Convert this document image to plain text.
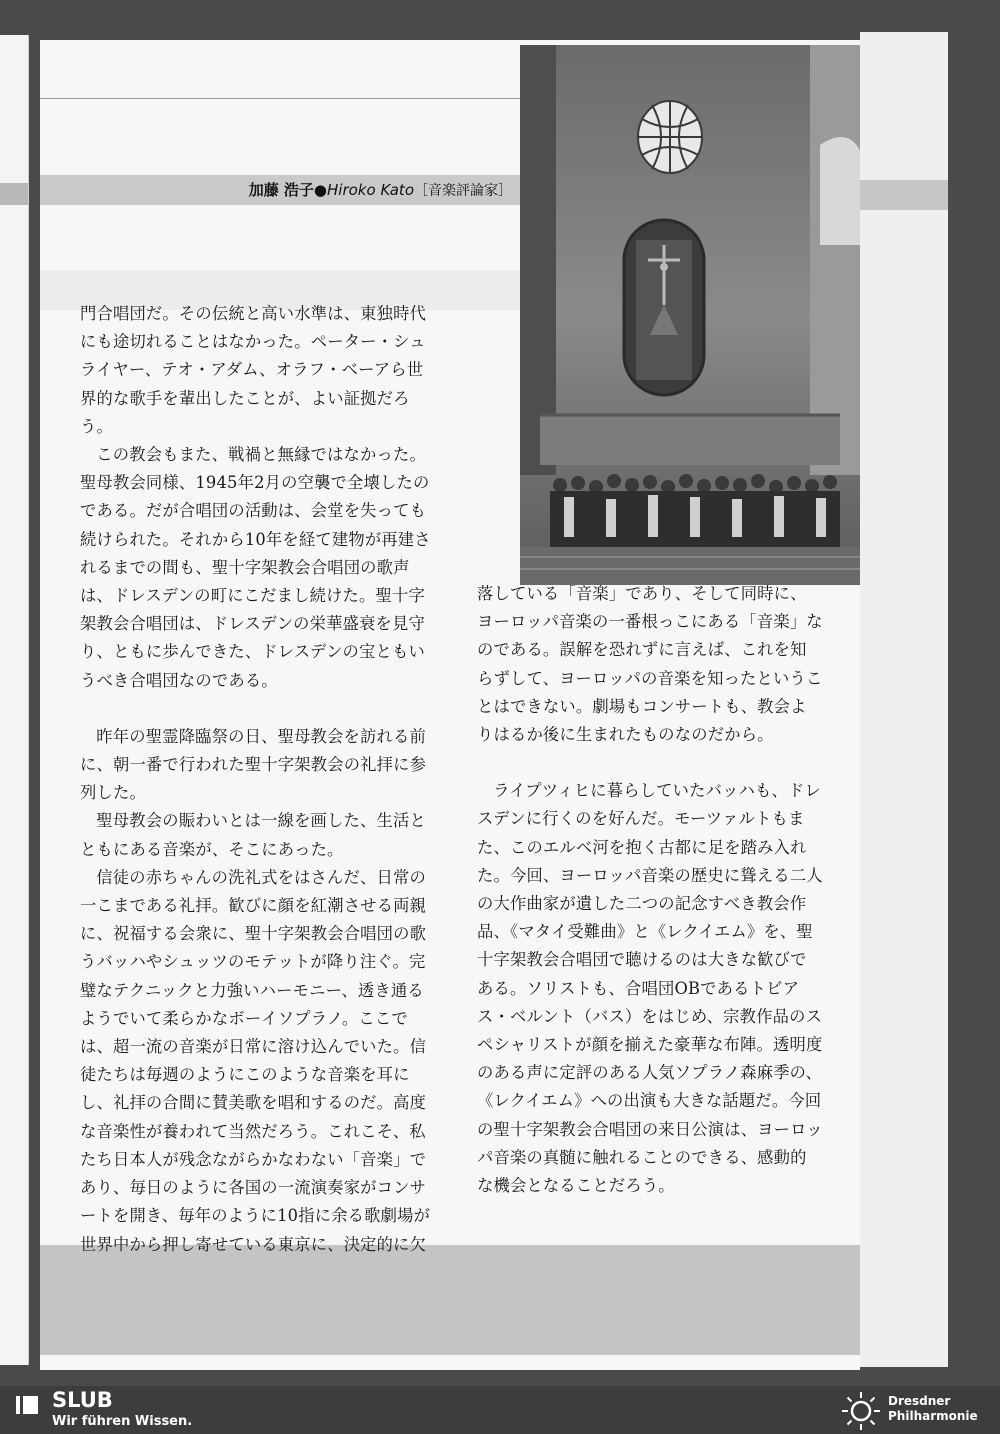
加藤 浩子●Hiroko Kato［音楽評論家］

門合唱団だ。その伝統と高い水準は、東独時代にも途切れることはなかった。ペーター・シュライヤー、テオ・アダム、オラフ・ベーアら世界的な歌手を輩出したことが、よい証拠だろう。

この教会もまた、戦禍と無縁ではなかった。聖母教会同様、1945年2月の空襲で全壊したのである。だが合唱団の活動は、会堂を失っても続けられた。それから10年を経て建物が再建されるまでの間も、聖十字架教会合唱団の歌声は、ドレスデンの町にこだまし続けた。聖十字架教会合唱団は、ドレスデンの栄華盛衰を見守り、ともに歩んできた、ドレスデンの宝ともいうべき合唱団なのである。

昨年の聖霊降臨祭の日、聖母教会を訪れる前に、朝一番で行われた聖十字架教会の礼拝に参列した。

聖母教会の賑わいとは一線を画した、生活とともにある音楽が、そこにあった。

信徒の赤ちゃんの洗礼式をはさんだ、日常の一こまである礼拝。歓びに顔を紅潮させる両親に、祝福する会衆に、聖十字架教会合唱団の歌うバッハやシュッツのモテットが降り注ぐ。完璧なテクニックと力強いハーモニー、透き通るようでいて柔らかなボーイソプラノ。ここでは、超一流の音楽が日常に溶け込んでいた。信徒たちは毎週のようにこのような音楽を耳にし、礼拝の合間に賛美歌を唱和するのだ。高度な音楽性が養われて当然だろう。これこそ、私たち日本人が残念ながらかなわない「音楽」であり、毎日のように各国の一流演奏家がコンサートを開き、毎年のように10指に余る歌劇場が世界中から押し寄せている東京に、決定的に欠

落している「音楽」であり、そして同時に、ヨーロッパ音楽の一番根っこにある「音楽」なのである。誤解を恐れずに言えば、これを知らずして、ヨーロッパの音楽を知ったということはできない。劇場もコンサートも、教会よりはるか後に生まれたものなのだから。

ライプツィヒに暮らしていたバッハも、ドレスデンに行くのを好んだ。モーツァルトもまた、このエルベ河を抱く古都に足を踏み入れた。今回、ヨーロッパ音楽の歴史に聳える二人の大作曲家が遺した二つの記念すべき教会作品、《マタイ受難曲》と《レクイエム》を、聖十字架教会合唱団で聴けるのは大きな歓びである。ソリストも、合唱団OBであるトビアス・ベルント（バス）をはじめ、宗教作品のスペシャリストが顔を揃えた豪華な布陣。透明度のある声に定評のある人気ソプラノ森麻季の、《レクイエム》への出演も大きな話題だ。今回の聖十字架教会合唱団の来日公演は、ヨーロッパ音楽の真髄に触れることのできる、感動的な機会となることだろう。

SLUB
Wir führen Wissen.
Dresdner
Philharmonie
